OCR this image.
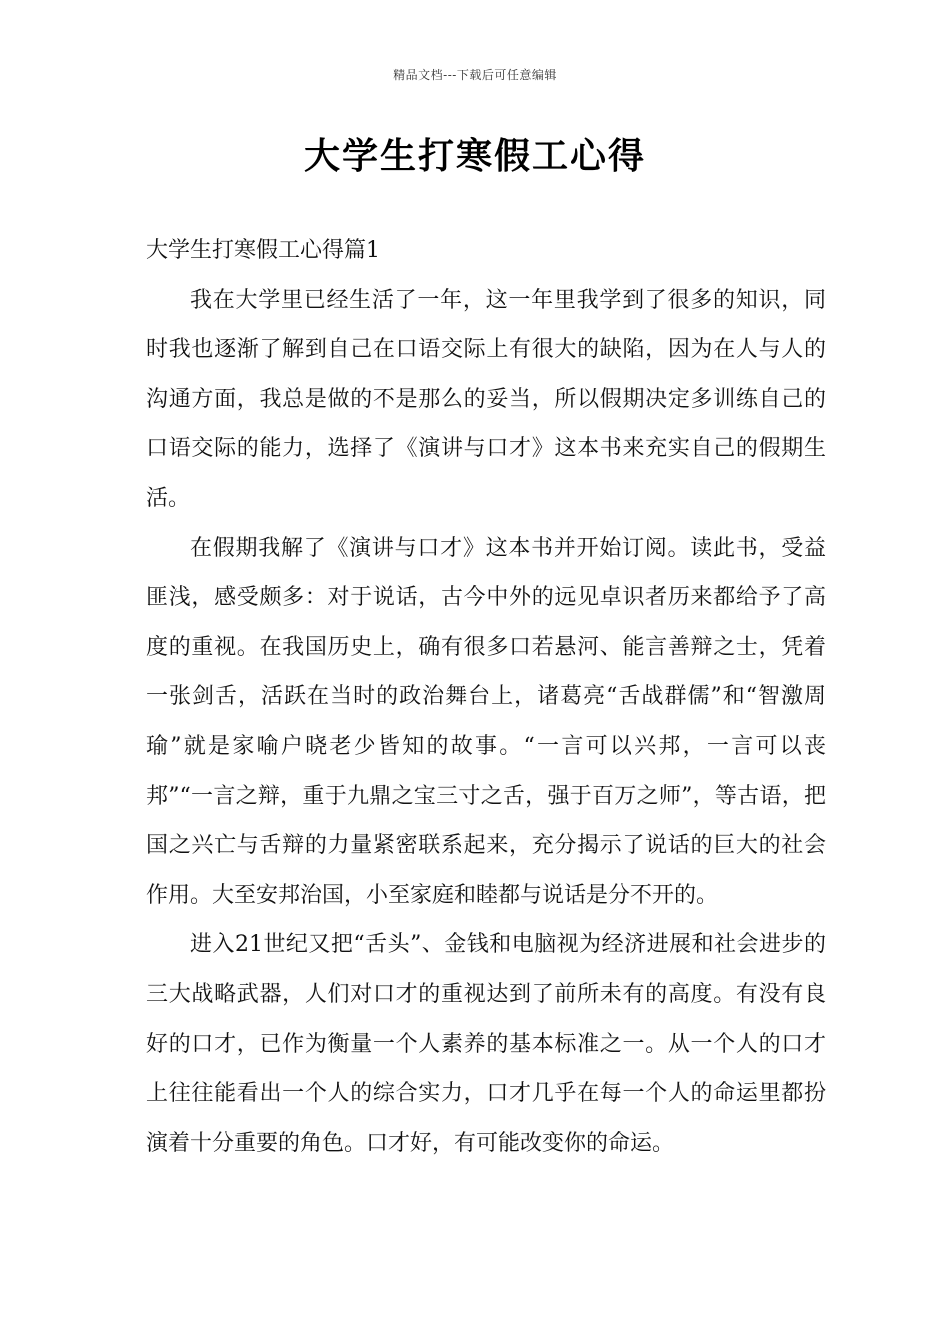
精品文档---下载后可任意编辑
大学生打寒假工心得

大学生打寒假工心得篇1

我在大学里已经生活了一年，这一年里我学到了很多的知识，同时我也逐渐了解到自己在口语交际上有很大的缺陷，因为在人与人的沟通方面，我总是做的不是那么的妥当，所以假期决定多训练自己的口语交际的能力，选择了《演讲与口才》这本书来充实自己的假期生活。

在假期我解了《演讲与口才》这本书并开始订阅。读此书，受益匪浅，感受颇多：对于说话，古今中外的远见卓识者历来都给予了高度的重视。在我国历史上，确有很多口若悬河、能言善辩之士，凭着一张剑舌，活跃在当时的政治舞台上，诸葛亮“舌战群儒”和“智激周瑜”就是家喻户晓老少皆知的故事。“一言可以兴邦，一言可以丧邦”“一言之辩，重于九鼎之宝三寸之舌，强于百万之师”，等古语，把国之兴亡与舌辩的力量紧密联系起来，充分揭示了说话的巨大的社会作用。大至安邦治国，小至家庭和睦都与说话是分不开的。

进入21世纪又把“舌头”、金钱和电脑视为经济进展和社会进步的三大战略武器，人们对口才的重视达到了前所未有的高度。有没有良好的口才，已作为衡量一个人素养的基本标准之一。从一个人的口才上往往能看出一个人的综合实力，口才几乎在每一个人的命运里都扮演着十分重要的角色。口才好，有可能改变你的命运。
